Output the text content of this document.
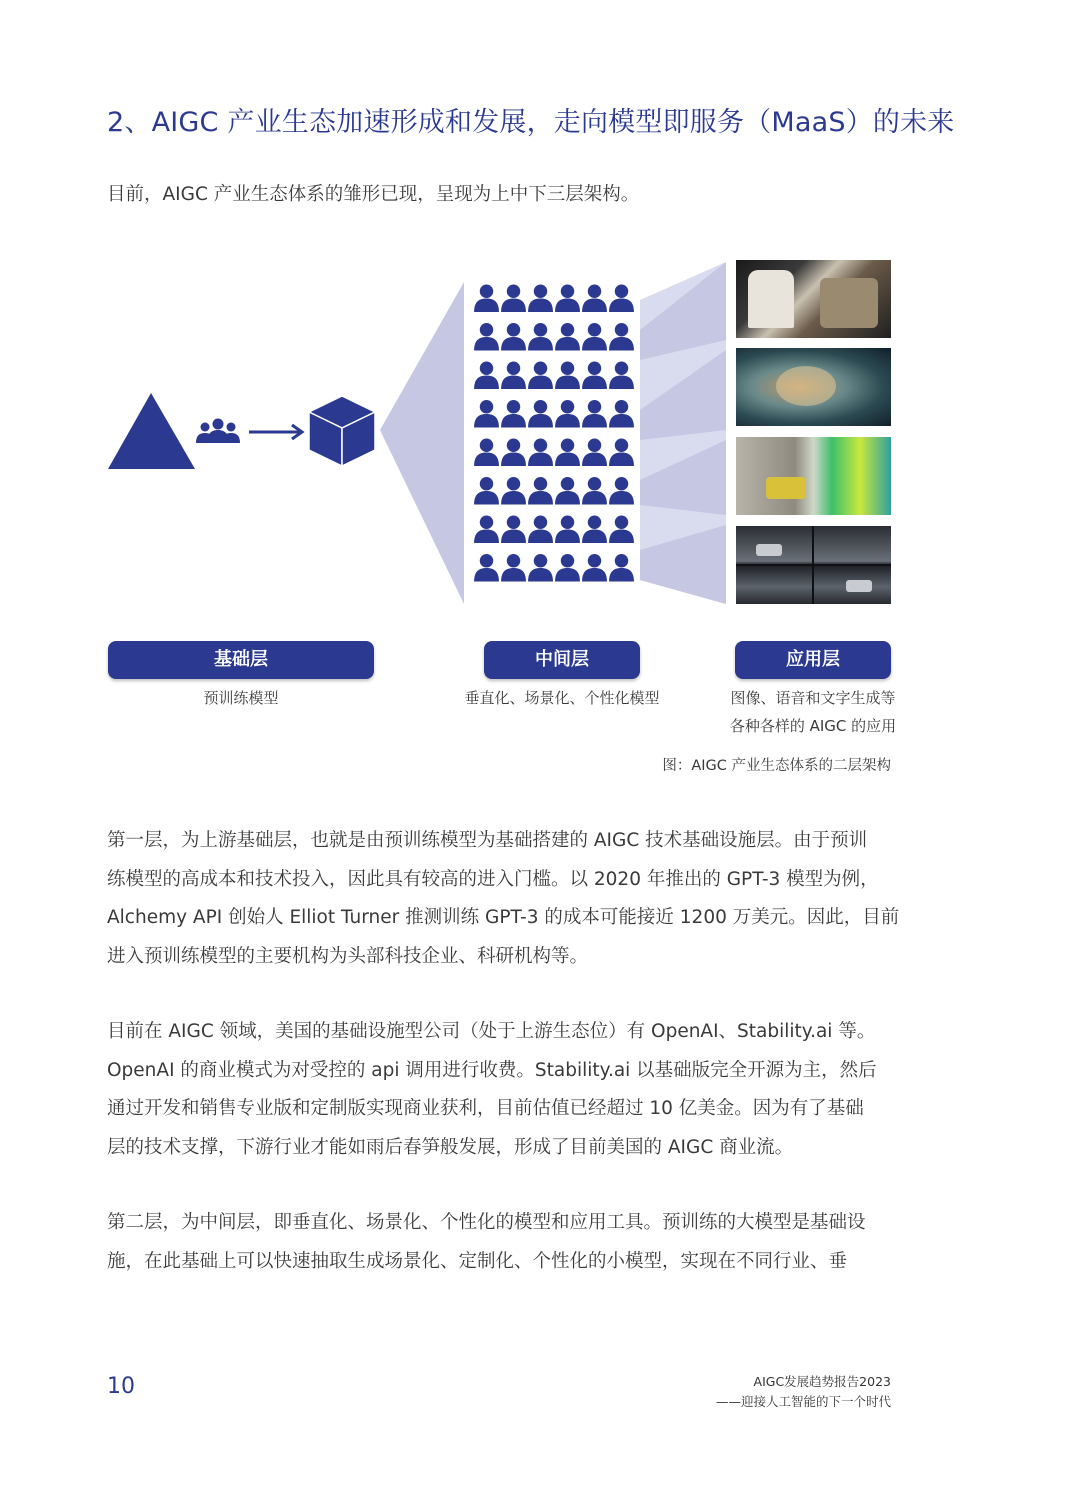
2、AIGC 产业生态加速形成和发展，走向模型即服务（MaaS）的未来
目前，AIGC 产业生态体系的雏形已现，呈现为上中下三层架构。
基础层	中间层	应用层
预训练模型	垂直化、场景化、个性化模型	图像、语音和文字生成等
各种各样的 AIGC 的应用
图：AIGC 产业生态体系的二层架构
第一层，为上游基础层，也就是由预训练模型为基础搭建的 AIGC 技术基础设施层。由于预训
练模型的高成本和技术投入，因此具有较高的进入门槛。以 2020 年推出的 GPT-3 模型为例，
Alchemy API 创始人 Elliot Turner 推测训练 GPT-3 的成本可能接近 1200 万美元。因此，目前
进入预训练模型的主要机构为头部科技企业、科研机构等。
目前在 AIGC 领域，美国的基础设施型公司（处于上游生态位）有 OpenAI、Stability.ai 等。
OpenAI 的商业模式为对受控的 api 调用进行收费。Stability.ai 以基础版完全开源为主，然后
通过开发和销售专业版和定制版实现商业获利，目前估值已经超过 10 亿美金。因为有了基础
层的技术支撑，下游行业才能如雨后春笋般发展，形成了目前美国的 AIGC 商业流。
第二层，为中间层，即垂直化、场景化、个性化的模型和应用工具。预训练的大模型是基础设
施，在此基础上可以快速抽取生成场景化、定制化、个性化的小模型，实现在不同行业、垂
10	AIGC发展趋势报告2023
——迎接人工智能的下一个时代
